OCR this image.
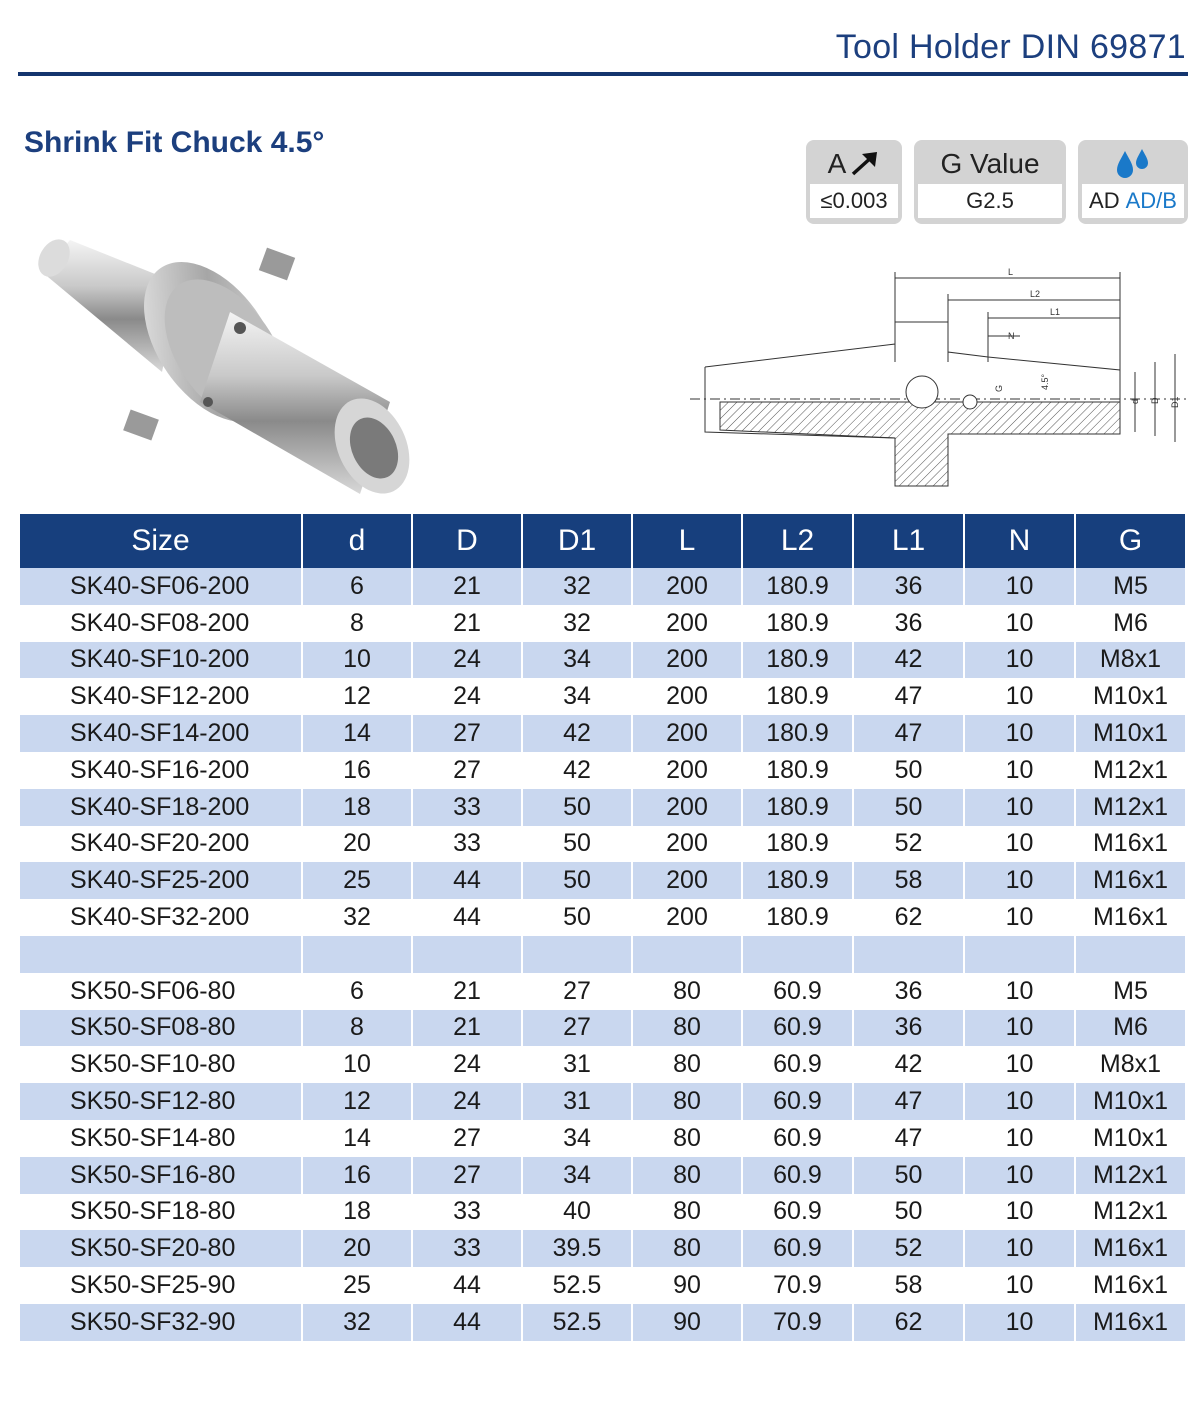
Tool Holder DIN 69871
Shrink Fit Chuck 4.5°
A
≤0.003
G Value
G2.5	AD AD/B
L
L2
L1
N
G	4.5°
d D D1
Size	d	D	D1	L	L2	L1	N	G
SK40-SF06-200	6	21	32	200	180.9	36	10	M5
SK40-SF08-200	8	21	32	200	180.9	36	10	M6
SK40-SF10-200	10	24	34	200	180.9	42	10	M8x1
SK40-SF12-200	12	24	34	200	180.9	47	10	M10x1
SK40-SF14-200	14	27	42	200	180.9	47	10	M10x1
SK40-SF16-200	16	27	42	200	180.9	50	10	M12x1
SK40-SF18-200	18	33	50	200	180.9	50	10	M12x1
SK40-SF20-200	20	33	50	200	180.9	52	10	M16x1
SK40-SF25-200	25	44	50	200	180.9	58	10	M16x1
SK40-SF32-200	32	44	50	200	180.9	62	10	M16x1

SK50-SF06-80	6	21	27	80	60.9	36	10	M5
SK50-SF08-80	8	21	27	80	60.9	36	10	M6
SK50-SF10-80	10	24	31	80	60.9	42	10	M8x1
SK50-SF12-80	12	24	31	80	60.9	47	10	M10x1
SK50-SF14-80	14	27	34	80	60.9	47	10	M10x1
SK50-SF16-80	16	27	34	80	60.9	50	10	M12x1
SK50-SF18-80	18	33	40	80	60.9	50	10	M12x1
SK50-SF20-80	20	33	39.5	80	60.9	52	10	M16x1
SK50-SF25-90	25	44	52.5	90	70.9	58	10	M16x1
SK50-SF32-90	32	44	52.5	90	70.9	62	10	M16x1
